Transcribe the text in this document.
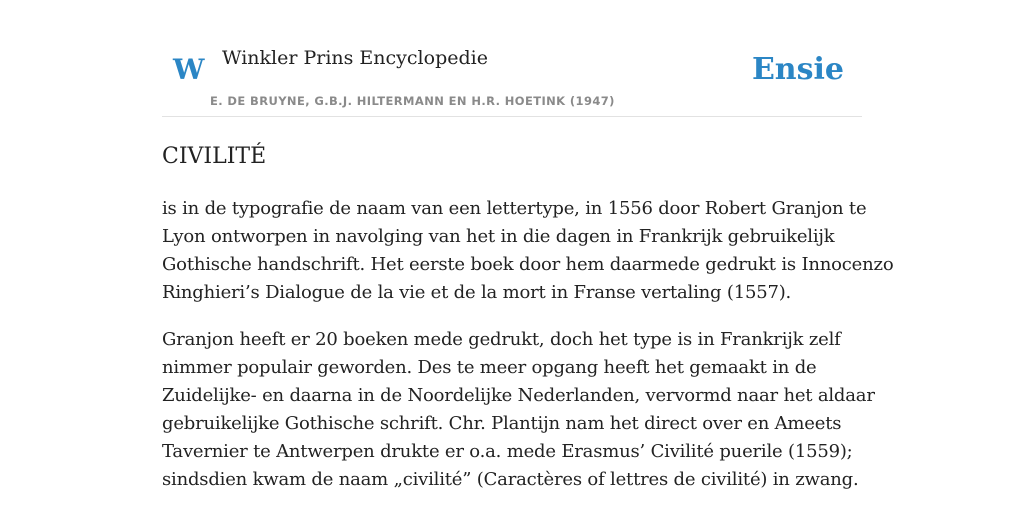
W Winkler Prins Encyclopedie
E. DE BRUYNE, G.B.J. HILTERMANN EN H.R. HOETINK (1947)
Ensie
CIVILITÉ

is in de typografie de naam van een lettertype, in 1556 door Robert Granjon te
Lyon ontworpen in navolging van het in die dagen in Frankrijk gebruikelijk
Gothische handschrift. Het eerste boek door hem daarmede gedrukt is Innocenzo
Ringhieri’s Dialogue de la vie et de la mort in Franse vertaling (1557).

Granjon heeft er 20 boeken mede gedrukt, doch het type is in Frankrijk zelf
nimmer populair geworden. Des te meer opgang heeft het gemaakt in de
Zuidelijke- en daarna in de Noordelijke Nederlanden, vervormd naar het aldaar
gebruikelijke Gothische schrift. Chr. Plantijn nam het direct over en Ameets
Tavernier te Antwerpen drukte er o.a. mede Erasmus’ Civilité puerile (1559);
sindsdien kwam de naam „civilité” (Caractères of lettres de civilité) in zwang.
